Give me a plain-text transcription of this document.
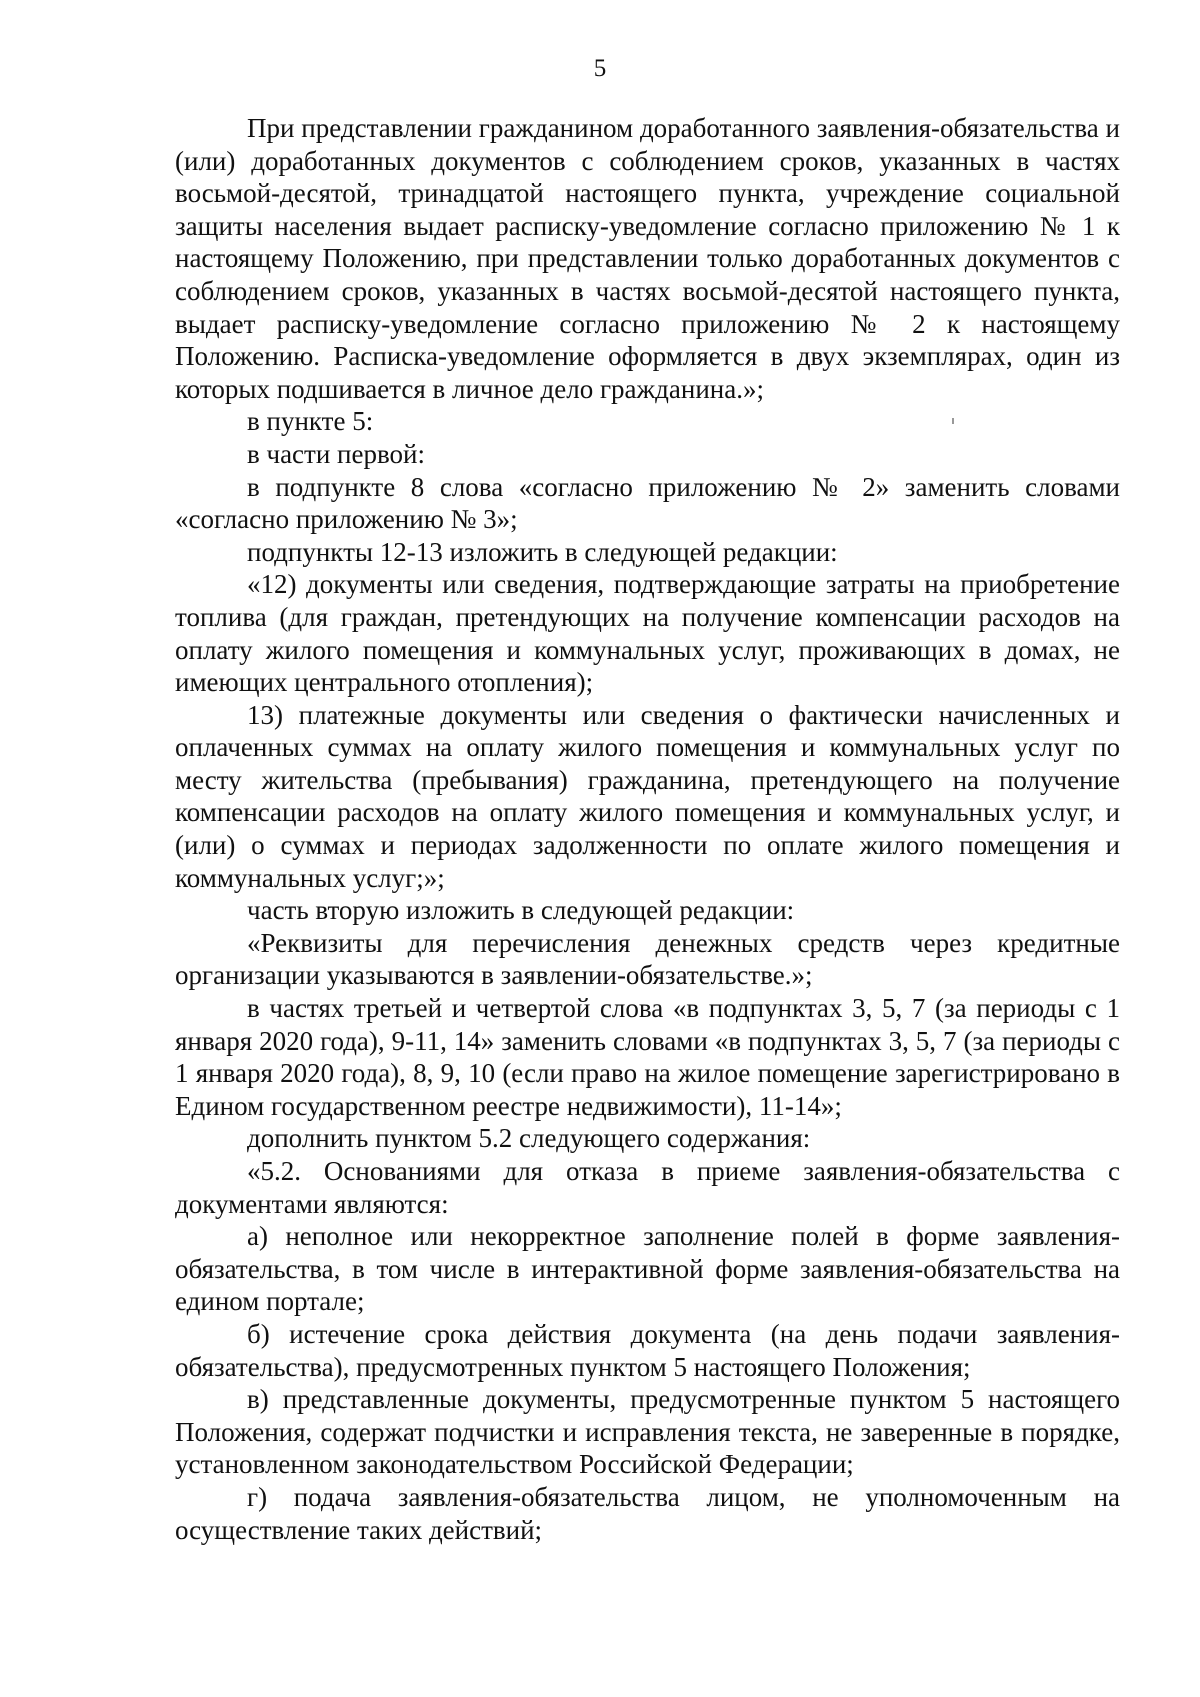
5

При представлении гражданином доработанного заявления-обязательства и (или) доработанных документов с соблюдением сроков, указанных в частях восьмой-десятой, тринадцатой настоящего пункта, учреждение социальной защиты населения выдает расписку-уведомление согласно приложению № 1 к настоящему Положению, при представлении только доработанных документов с соблюдением сроков, указанных в частях восьмой-десятой настоящего пункта, выдает расписку-уведомление согласно приложению № 2 к настоящему Положению. Расписка-уведомление оформляется в двух экземплярах, один из которых подшивается в личное дело гражданина.»;

в пункте 5:

в части первой:

в подпункте 8 слова «согласно приложению № 2» заменить словами «согласно приложению № 3»;

подпункты 12-13 изложить в следующей редакции:

«12) документы или сведения, подтверждающие затраты на приобретение топлива (для граждан, претендующих на получение компенсации расходов на оплату жилого помещения и коммунальных услуг, проживающих в домах, не имеющих центрального отопления);

13) платежные документы или сведения о фактически начисленных и оплаченных суммах на оплату жилого помещения и коммунальных услуг по месту жительства (пребывания) гражданина, претендующего на получение компенсации расходов на оплату жилого помещения и коммунальных услуг, и (или) о суммах и периодах задолженности по оплате жилого помещения и коммунальных услуг;»;

часть вторую изложить в следующей редакции:

«Реквизиты для перечисления денежных средств через кредитные организации указываются в заявлении-обязательстве.»;

в частях третьей и четвертой слова «в подпунктах 3, 5, 7 (за периоды с 1 января 2020 года), 9-11, 14» заменить словами «в подпунктах 3, 5, 7 (за периоды с 1 января 2020 года), 8, 9, 10 (если право на жилое помещение зарегистрировано в Едином государственном реестре недвижимости), 11-14»;

дополнить пунктом 5.2 следующего содержания:

«5.2. Основаниями для отказа в приеме заявления-обязательства с документами являются:

а) неполное или некорректное заполнение полей в форме заявления-обязательства, в том числе в интерактивной форме заявления-обязательства на едином портале;

б) истечение срока действия документа (на день подачи заявления-обязательства), предусмотренных пунктом 5 настоящего Положения;

в) представленные документы, предусмотренные пунктом 5 настоящего Положения, содержат подчистки и исправления текста, не заверенные в порядке, установленном законодательством Российской Федерации;

г) подача заявления-обязательства лицом, не уполномоченным на осуществление таких действий;
